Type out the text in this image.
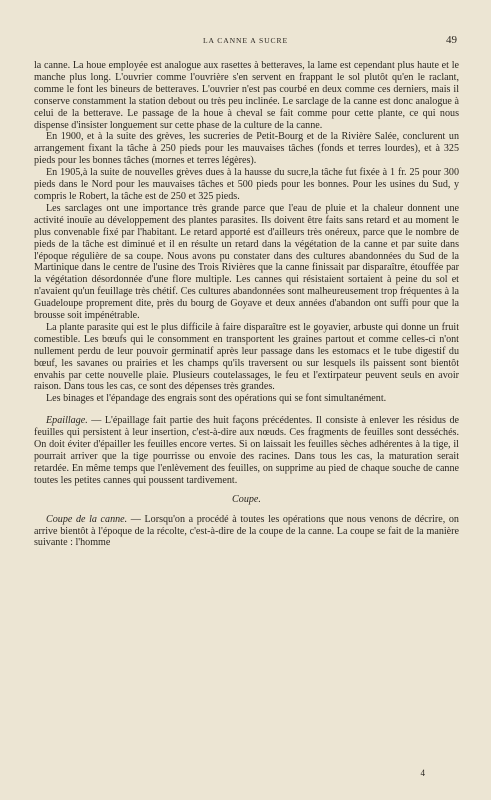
LA CANNE A SUCRE	49

la canne. La houe employée est analogue aux rasettes à betteraves, la lame est cependant plus haute et le manche plus long. L'ouvrier comme l'ouvrière s'en servent en frappant le sol plutôt qu'en le raclant, comme le font les bineurs de betteraves. L'ouvrier n'est pas courbé en deux comme ces derniers, mais il conserve constamment la station debout ou très peu inclinée. Le sarclage de la canne est donc analogue à celui de la betterave. Le passage de la houe à cheval se fait comme pour cette plante, ce qui nous dispense d'insister longuement sur cette phase de la culture de la canne.

En 1900, et à la suite des grèves, les sucreries de Petit-Bourg et de la Rivière Salée, conclurent un arrangement fixant la tâche à 250 pieds pour les mauvaises tâches (fonds et terres lourdes), et à 325 pieds pour les bonnes tâches (mornes et terres légères).

En 1905,à la suite de nouvelles grèves dues à la hausse du sucre,la tâche fut fixée à 1 fr. 25 pour 300 pieds dans le Nord pour les mauvaises tâches et 500 pieds pour les bonnes. Pour les usines du Sud, y compris le Robert, la tâche est de 250 et 325 pieds.

Les sarclages ont une importance très grande parce que l'eau de pluie et la chaleur donnent une activité inouïe au développement des plantes parasites. Ils doivent être faits sans retard et au moment le plus convenable fixé par l'habitant. Le retard apporté est d'ailleurs très onéreux, parce que le nombre de pieds de la tâche est diminué et il en résulte un retard dans la végétation de la canne et par suite dans l'époque régulière de sa coupe. Nous avons pu constater dans des cultures abandonnées du Sud de la Martinique dans le centre de l'usine des Trois Rivières que la canne finissait par disparaître, étouffée par la végétation désordonnée d'une flore multiple. Les cannes qui résistaient sortaient à peine du sol et n'avaient qu'un feuillage très chétif. Ces cultures abandonnées sont malheureusement trop fréquentes à la Guadeloupe proprement dite, près du bourg de Goyave et deux années d'abandon ont suffi pour que la brousse soit impénétrable.

La plante parasite qui est le plus difficile à faire disparaître est le goyavier, arbuste qui donne un fruit comestible. Les bœufs qui le consomment en transportent les graines partout et comme celles-ci n'ont nullement perdu de leur pouvoir germinatif après leur passage dans les estomacs et le tube digestif du bœuf, les savanes ou prairies et les champs qu'ils traversent ou sur lesquels ils paissent sont bientôt envahis par cette nouvelle plaie. Plusieurs coutelassages, le feu et l'extirpateur peuvent seuls en avoir raison. Dans tous les cas, ce sont des dépenses très grandes.

Les binages et l'épandage des engrais sont des opérations qui se font simultanément.

Epaillage. — L'épaillage fait partie des huit façons précédentes. Il consiste à enlever les résidus de feuilles qui persistent à leur insertion, c'est-à-dire aux nœuds. Ces fragments de feuilles sont desséchés. On doit éviter d'épailler les feuilles encore vertes. Si on laissait les feuilles sèches adhérentes à la tige, il pourrait arriver que la tige pourrisse ou envoie des racines. Dans tous les cas, la maturation serait retardée. En même temps que l'enlèvement des feuilles, on supprime au pied de chaque souche de canne toutes les petites cannes qui poussent tardivement.

Coupe.

Coupe de la canne. — Lorsqu'on a procédé à toutes les opérations que nous venons de décrire, on arrive bientôt à l'époque de la récolte, c'est-à-dire de la coupe de la canne. La coupe se fait de la manière suivante : l'homme

4
